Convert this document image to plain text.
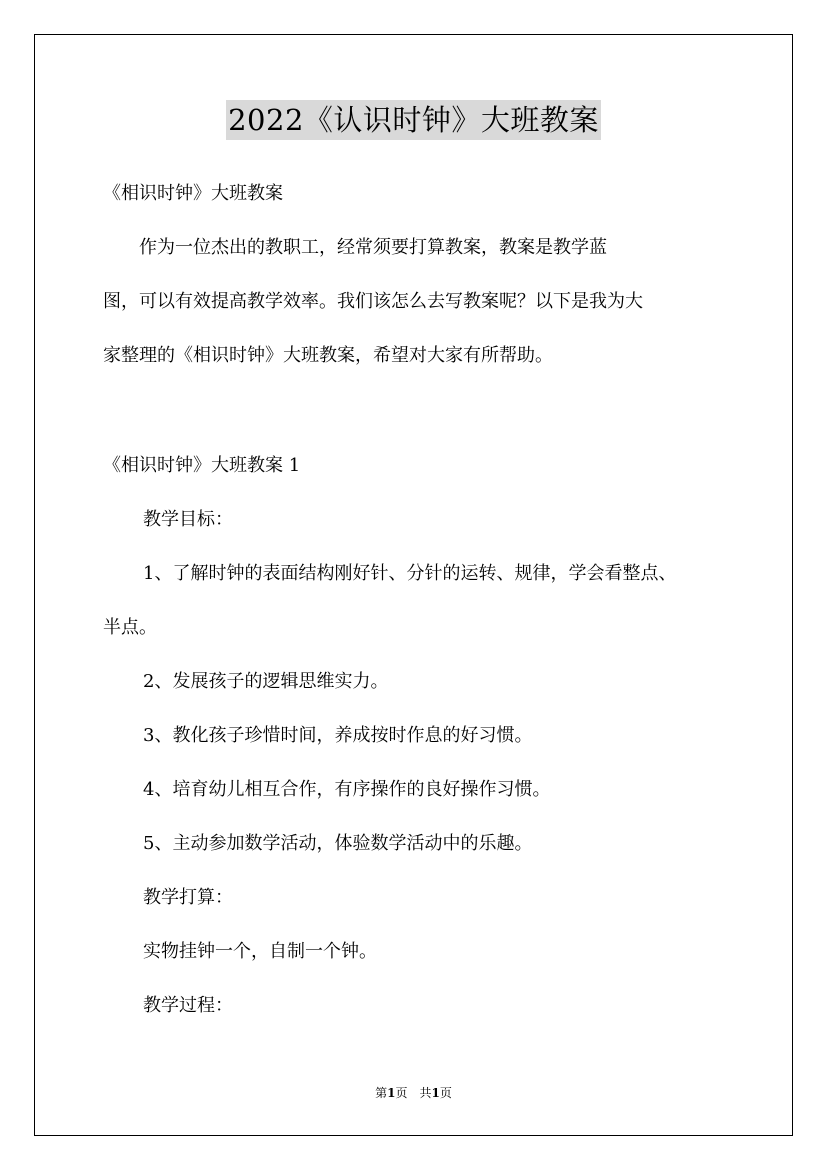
2022《认识时钟》大班教案
《相识时钟》大班教案
　　作为一位杰出的教职工，经常须要打算教案，教案是教学蓝
图，可以有效提高教学效率。我们该怎么去写教案呢？以下是我为大
家整理的《相识时钟》大班教案，希望对大家有所帮助。
《相识时钟》大班教案 1
教学目标：
1、了解时钟的表面结构刚好针、分针的运转、规律，学会看整点、
半点。
2、发展孩子的逻辑思维实力。
3、教化孩子珍惜时间，养成按时作息的好习惯。
4、培育幼儿相互合作，有序操作的良好操作习惯。
5、主动参加数学活动，体验数学活动中的乐趣。
教学打算：
实物挂钟一个，自制一个钟。
教学过程：
第1页　共1页
